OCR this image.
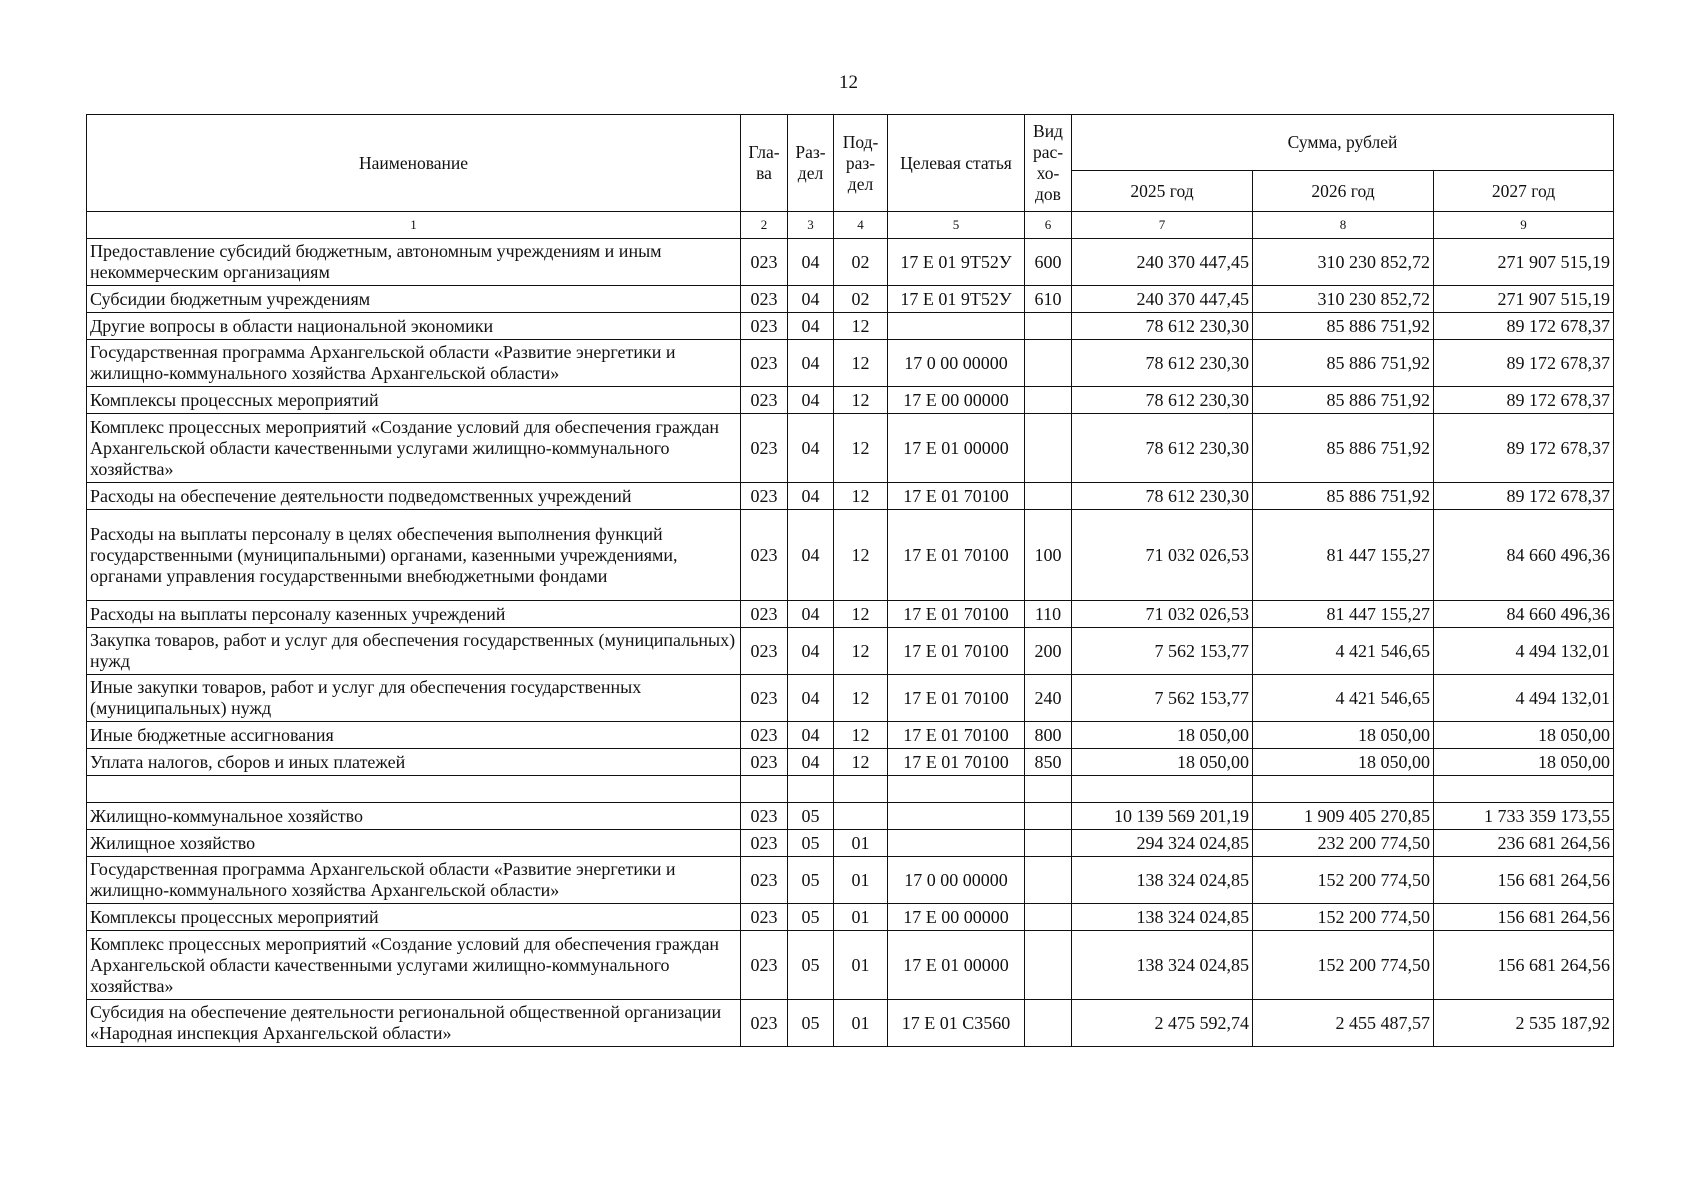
12
Наименование	Гла-ва	Раз-дел	Под-раз-дел	Целевая статья	Вид рас-хо-дов	Сумма, рублей		
						2025 год	2026 год	2027 год
1	2	3	4	5	6	7	8	9
Предоставление субсидий бюджетным, автономным учреждениям и иным некоммерческим организациям	023	04	02	17 Е 01 9Т52У	600	240 370 447,45	310 230 852,72	271 907 515,19
Субсидии бюджетным учреждениям	023	04	02	17 Е 01 9Т52У	610	240 370 447,45	310 230 852,72	271 907 515,19
Другие вопросы в области национальной экономики	023	04	12			78 612 230,30	85 886 751,92	89 172 678,37
Государственная программа Архангельской области «Развитие энергетики и жилищно-коммунального хозяйства Архангельской области»	023	04	12	17 0 00 00000		78 612 230,30	85 886 751,92	89 172 678,37
Комплексы процессных мероприятий	023	04	12	17 Е 00 00000		78 612 230,30	85 886 751,92	89 172 678,37
Комплекс процессных мероприятий «Создание условий для обеспечения граждан Архангельской области качественными услугами жилищно-коммунального хозяйства»	023	04	12	17 Е 01 00000		78 612 230,30	85 886 751,92	89 172 678,37
Расходы на обеспечение деятельности подведомственных учреждений	023	04	12	17 Е 01 70100		78 612 230,30	85 886 751,92	89 172 678,37
Расходы на выплаты персоналу в целях обеспечения выполнения функций государственными (муниципальными) органами, казенными учреждениями, органами управления государственными внебюджетными фондами	023	04	12	17 Е 01 70100	100	71 032 026,53	81 447 155,27	84 660 496,36
Расходы на выплаты персоналу казенных учреждений	023	04	12	17 Е 01 70100	110	71 032 026,53	81 447 155,27	84 660 496,36
Закупка товаров, работ и услуг для обеспечения государственных (муниципальных) нужд	023	04	12	17 Е 01 70100	200	7 562 153,77	4 421 546,65	4 494 132,01
Иные закупки товаров, работ и услуг для обеспечения государственных (муниципальных) нужд	023	04	12	17 Е 01 70100	240	7 562 153,77	4 421 546,65	4 494 132,01
Иные бюджетные ассигнования	023	04	12	17 Е 01 70100	800	18 050,00	18 050,00	18 050,00
Уплата налогов, сборов и иных платежей	023	04	12	17 Е 01 70100	850	18 050,00	18 050,00	18 050,00

Жилищно-коммунальное хозяйство	023	05				10 139 569 201,19	1 909 405 270,85	1 733 359 173,55
Жилищное хозяйство	023	05	01			294 324 024,85	232 200 774,50	236 681 264,56
Государственная программа Архангельской области «Развитие энергетики и жилищно-коммунального хозяйства Архангельской области»	023	05	01	17 0 00 00000		138 324 024,85	152 200 774,50	156 681 264,56
Комплексы процессных мероприятий	023	05	01	17 Е 00 00000		138 324 024,85	152 200 774,50	156 681 264,56
Комплекс процессных мероприятий «Создание условий для обеспечения граждан Архангельской области качественными услугами жилищно-коммунального хозяйства»	023	05	01	17 Е 01 00000		138 324 024,85	152 200 774,50	156 681 264,56
Субсидия на обеспечение деятельности региональной общественной организации «Народная инспекция Архангельской области»	023	05	01	17 Е 01 С3560		2 475 592,74	2 455 487,57	2 535 187,92
